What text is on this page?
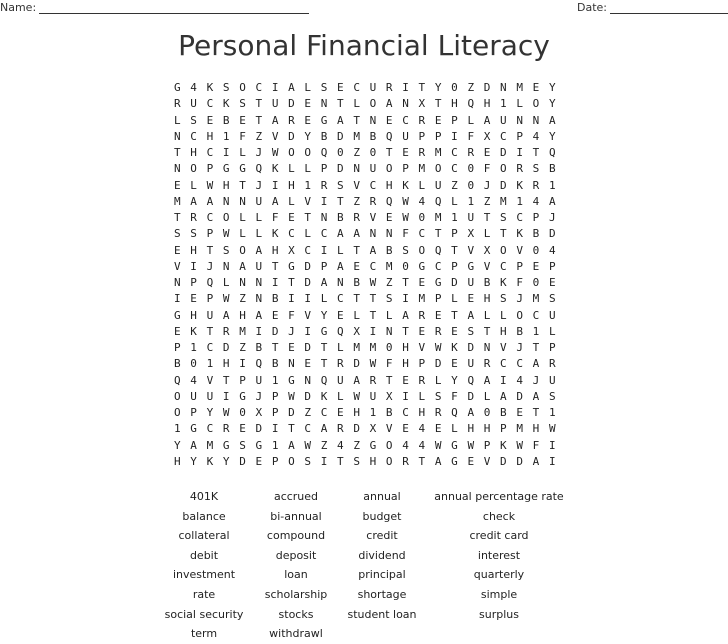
Name:	Date:
Personal Financial Literacy
G4KSOCIALSECURITY0ZDNMEY
RUCKSTUDENTLOANXTHQH1LOY
LSEBETAREGATNECREPLAUNNA
NCH1FZVDYBDMBQUPPIFXCP4Y
THCILJWOOQ0Z0TERMCREDITQ
NOPGGQKLLPDNUOPMOC0FORSB
ELWHTJIH1RSVCHKLUZ0JDKR1
MAANNUALVITZRQW4QL1ZM14A
TRCOLLFETNBRVEW0M1UTSCPJ
SSPWLLKCLCAANNFCTPXLTKBD
EHTSOAHXCILTABSOQTVXOV04
VIJNAUTGDPAECM0GCPGVCPEP
NPQLNNITDANBWZTEGDUBKF0E
IEPWZNBIILCTTSIMPLEHSJMS
GHUAHAEFVYELTLARETALLOCU
EKTRMIDJIGQXINTERESTHB1L
P1CDZBTEDTLMM0HVWKDNVJTP
B01HIQBNETRDWFHPDEURCCAR
Q4VTPU1GNQUARTERLYQAI4JU
OUUIGJPWDKLWUXILSFDLADAS
OPYW0XPDZCEH1BCHRQA0BET1
1GCREDITCARDXVE4ELHHPMHW
YAMGSG1AWZ4ZGO44WGWPKWFI
HYKYDEPOSITSHORTAGEVDDAI
401K
balance
collateral
debit
investment
rate
social security
term
accrued
bi-annual
compound
deposit
loan
scholarship
stocks
withdrawl
annual
budget
credit
dividend
principal
shortage
student loan
annual percentage rate
check
credit card
interest
quarterly
simple
surplus
